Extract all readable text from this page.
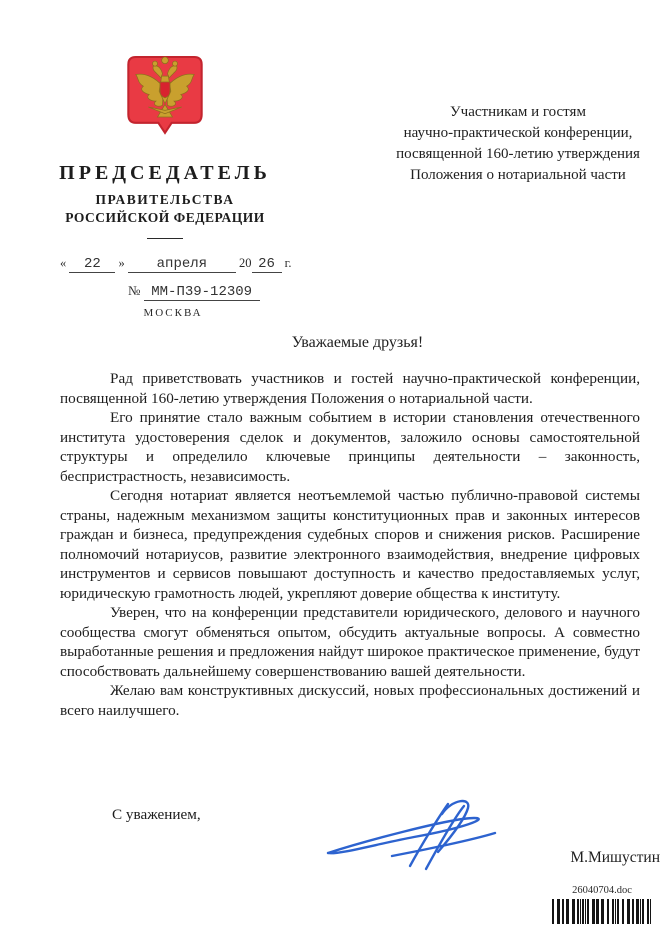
ПРЕДСЕДАТЕЛЬ
ПРАВИТЕЛЬСТВА
РОССИЙСКОЙ ФЕДЕРАЦИИ
Участникам и гостям
научно-практической конференции,
посвященной 160-летию утверждения
Положения о нотариальной части
« 22 » апреля	20 26 г.
№ ММ-П39-12309
МОСКВА
Уважаемые друзья!

Рад приветствовать участников и гостей научно-практической конференции, посвященной 160-летию утверждения Положения о нотариальной части.

Его принятие стало важным событием в истории становления отечественного института удостоверения сделок и документов, заложило основы самостоятельной структуры и определило ключевые принципы деятельности – законность, беспристрастность, независимость.

Сегодня нотариат является неотъемлемой частью публично-правовой системы страны, надежным механизмом защиты конституционных прав и законных интересов граждан и бизнеса, предупреждения судебных споров и снижения рисков. Расширение полномочий нотариусов, развитие электронного взаимодействия, внедрение цифровых инструментов и сервисов повышают доступность и качество предоставляемых услуг, юридическую грамотность людей, укрепляют доверие общества к институту.

Уверен, что на конференции представители юридического, делового и научного сообщества смогут обменяться опытом, обсудить актуальные вопросы. А совместно выработанные решения и предложения найдут широкое практическое применение, будут способствовать дальнейшему совершенствованию вашей деятельности.

Желаю вам конструктивных дискуссий, новых профессиональных достижений и всего наилучшего.

С уважением,
М.Мишустин
26040704.doc
